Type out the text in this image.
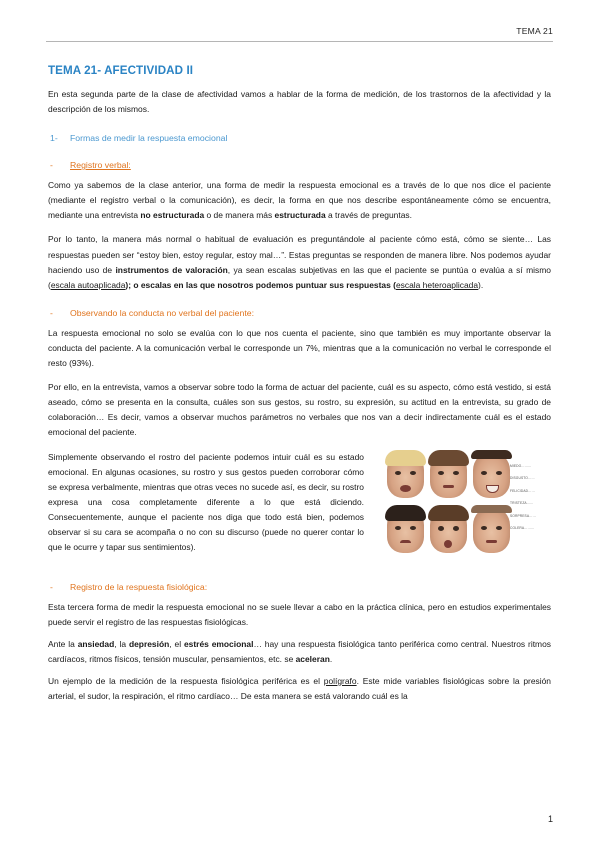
TEMA 21
TEMA 21- AFECTIVIDAD II

En esta segunda parte de la clase de afectividad vamos a hablar de la forma de medición, de los trastornos de la afectividad y la descripción de los mismos.

1- Formas de medir la respuesta emocional
- Registro verbal:

Como ya sabemos de la clase anterior, una forma de medir la respuesta emocional es a través de lo que nos dice el paciente (mediante el registro verbal o la comunicación), es decir, la forma en que nos describe espontáneamente cómo se encuentra, mediante una entrevista no estructurada o de manera más estructurada a través de preguntas.

Por lo tanto, la manera más normal o habitual de evaluación es preguntándole al paciente cómo está, cómo se siente… Las respuestas pueden ser “estoy bien, estoy regular, estoy mal…”. Estas preguntas se responden de manera libre. Nos podemos ayudar haciendo uso de instrumentos de valoración, ya sean escalas subjetivas en las que el paciente se puntúa o evalúa a sí mismo (escala autoaplicada); o escalas en las que nosotros podemos puntuar sus respuestas (escala heteroaplicada).

- Observando la conducta no verbal del paciente:

La respuesta emocional no solo se evalúa con lo que nos cuenta el paciente, sino que también es muy importante observar la conducta del paciente. A la comunicación verbal le corresponde un 7%, mientras que a la comunicación no verbal le corresponde el resto (93%).

Por ello, en la entrevista, vamos a observar sobre todo la forma de actuar del paciente, cuál es su aspecto, cómo está vestido, si está aseado, cómo se presenta en la consulta, cuáles son sus gestos, su rostro, su expresión, su actitud en la entrevista, su grado de colaboración… Es decir, vamos a observar muchos parámetros no verbales que nos van a decir indirectamente cuál es el estado emocional del paciente.

Simplemente observando el rostro del paciente podemos intuir cuál es su estado emocional. En algunas ocasiones, su rostro y sus gestos pueden corroborar cómo se expresa verbalmente, mientras que otras veces no sucede así, es decir, su rostro expresa una cosa completamente diferente a lo que está diciendo. Consecuentemente, aunque el paciente nos diga que todo está bien, podemos observar si su cara se acompaña o no con su discurso (puede no querer contar lo que le ocurre y tapar sus sentimientos).

MIEDO………
DISGUSTO……
FELICIDAD……
TRISTEZA……
SORPRESA……
COLERA………
- Registro de la respuesta fisiológica:

Esta tercera forma de medir la respuesta emocional no se suele llevar a cabo en la práctica clínica, pero en estudios experimentales puede servir el registro de las respuestas fisiológicas.

Ante la ansiedad, la depresión, el estrés emocional… hay una respuesta fisiológica tanto periférica como central. Nuestros ritmos cardíacos, ritmos físicos, tensión muscular, pensamientos, etc. se aceleran.

Un ejemplo de la medición de la respuesta fisiológica periférica es el polígrafo. Este mide variables fisiológicas sobre la presión arterial, el sudor, la respiración, el ritmo cardíaco… De esta manera se está valorando cuál es la

1
